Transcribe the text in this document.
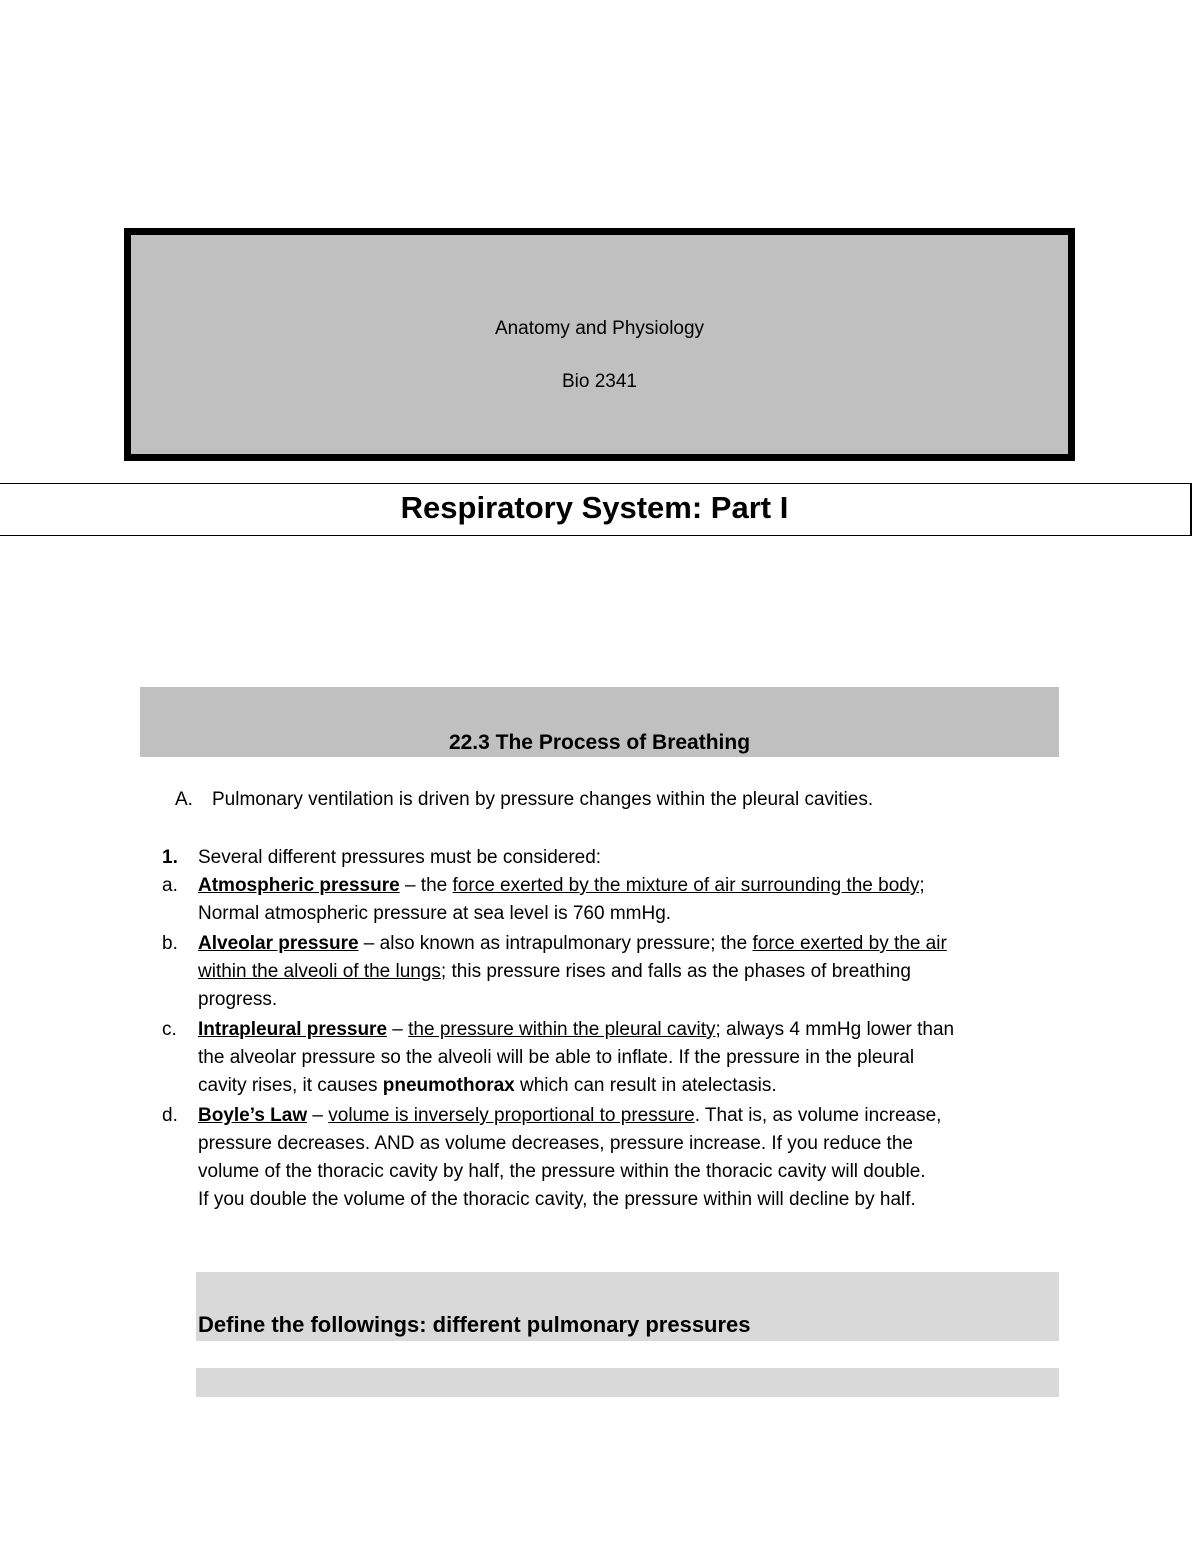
Anatomy and Physiology
Bio 2341
Respiratory System: Part I
22.3 The Process of Breathing
A. Pulmonary ventilation is driven by pressure changes within the pleural cavities.
1. Several different pressures must be considered:
a. Atmospheric pressure – the force exerted by the mixture of air surrounding the body;
Normal atmospheric pressure at sea level is 760 mmHg.
b. Alveolar pressure – also known as intrapulmonary pressure; the force exerted by the air
within the alveoli of the lungs; this pressure rises and falls as the phases of breathing
progress.
c. Intrapleural pressure – the pressure within the pleural cavity; always 4 mmHg lower than
the alveolar pressure so the alveoli will be able to inflate. If the pressure in the pleural
cavity rises, it causes pneumothorax which can result in atelectasis.
d. Boyle’s Law – volume is inversely proportional to pressure. That is, as volume increase,
pressure decreases. AND as volume decreases, pressure increase. If you reduce the
volume of the thoracic cavity by half, the pressure within the thoracic cavity will double.
If you double the volume of the thoracic cavity, the pressure within will decline by half.
Define the followings: different pulmonary pressures
